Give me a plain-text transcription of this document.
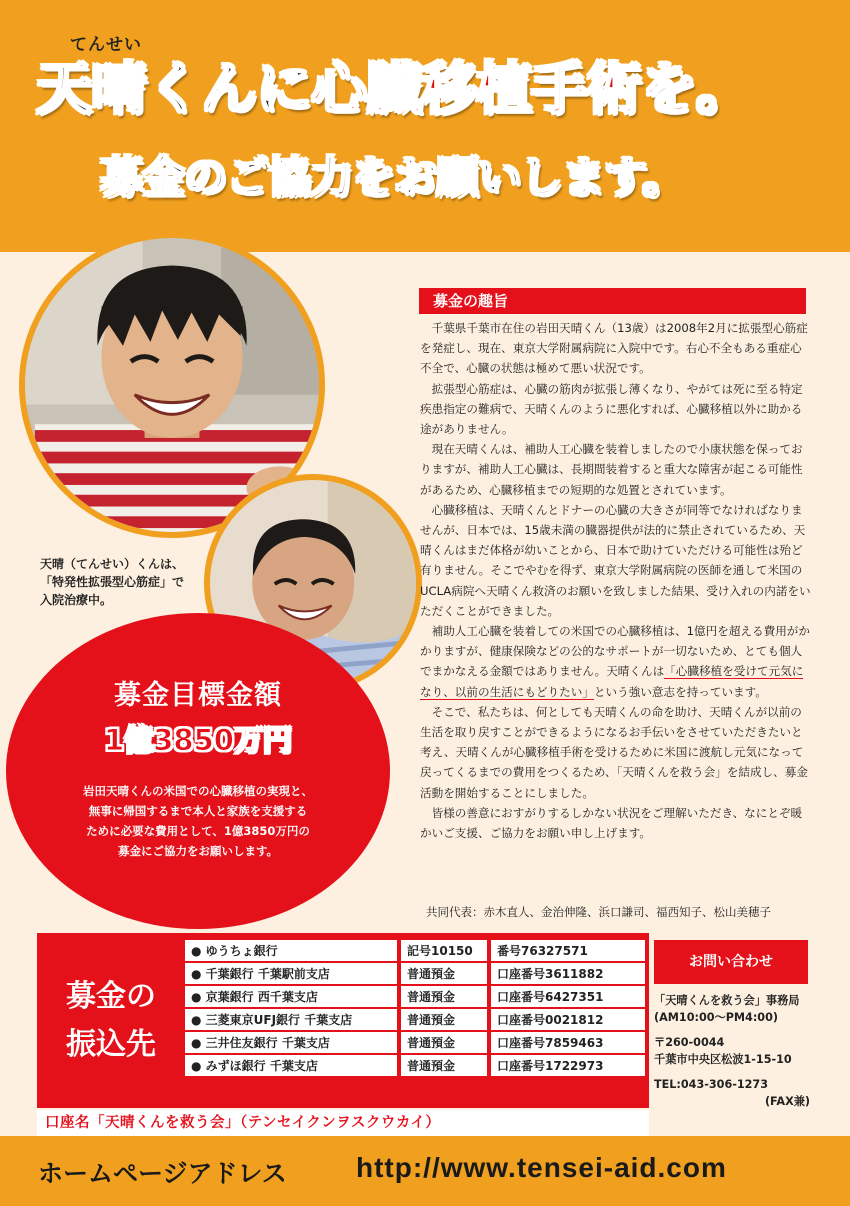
てんせい
天晴くんに心臓移植手術を。
募金のご協力をお願いします。
天晴（てんせい）くんは、
「特発性拡張型心筋症」で
入院治療中。
募金目標金額
1億3850万円
岩田天晴くんの米国での心臓移植の実現と、
無事に帰国するまで本人と家族を支援する
ために必要な費用として、1億3850万円の
募金にご協力をお願いします。
募金の趣旨

千葉県千葉市在住の岩田天晴くん（13歳）は2008年2月に拡張型心筋症を発症し、現在、東京大学附属病院に入院中です。右心不全もある重症心不全で、心臓の状態は極めて悪い状況です。

拡張型心筋症は、心臓の筋肉が拡張し薄くなり、やがては死に至る特定疾患指定の難病で、天晴くんのように悪化すれば、心臓移植以外に助かる途がありません。

現在天晴くんは、補助人工心臓を装着しましたので小康状態を保っておりますが、補助人工心臓は、長期間装着すると重大な障害が起こる可能性があるため、心臓移植までの短期的な処置とされています。

心臓移植は、天晴くんとドナーの心臓の大きさが同等でなければなりませんが、日本では、15歳未満の臓器提供が法的に禁止されているため、天晴くんはまだ体格が幼いことから、日本で助けていただける可能性は殆ど有りません。そこでやむを得ず、東京大学附属病院の医師を通して米国のUCLA病院へ天晴くん救済のお願いを致しました結果、受け入れの内諾をいただくことができました。

補助人工心臓を装着しての米国での心臓移植は、1億円を超える費用がかかりますが、健康保険などの公的なサポートが一切ないため、とても個人でまかなえる金額ではありません。天晴くんは「心臓移植を受けて元気になり、以前の生活にもどりたい」という強い意志を持っています。

そこで、私たちは、何としても天晴くんの命を助け、天晴くんが以前の生活を取り戻すことができるようになるお手伝いをさせていただきたいと考え、天晴くんが心臓移植手術を受けるために米国に渡航し元気になって戻ってくるまでの費用をつくるため、「天晴くんを救う会」を結成し、募金活動を開始することにしました。

皆様の善意におすがりするしかない状況をご理解いただき、なにとぞ暖かいご支援、ご協力をお願い申し上げます。

共同代表：赤木直人、金治伸隆、浜口謙司、福西知子、松山美穂子
募金の
振込先
● ゆうちょ銀行	記号10150	番号76327571
● 千葉銀行 千葉駅前支店	普通預金	口座番号3611882
● 京葉銀行 西千葉支店	普通預金	口座番号6427351
● 三菱東京UFJ銀行 千葉支店	普通預金	口座番号0021812
● 三井住友銀行 千葉支店	普通預金	口座番号7859463
● みずほ銀行 千葉支店	普通預金	口座番号1722973
口座名「天晴くんを救う会」（テンセイクンヲスクウカイ）
お問い合わせ
「天晴くんを救う会」事務局
(AM10:00〜PM4:00)
〒260-0044
千葉市中央区松波1-15-10
TEL:043-306-1273
(FAX兼)
ホームページアドレス http://www.tensei-aid.com
